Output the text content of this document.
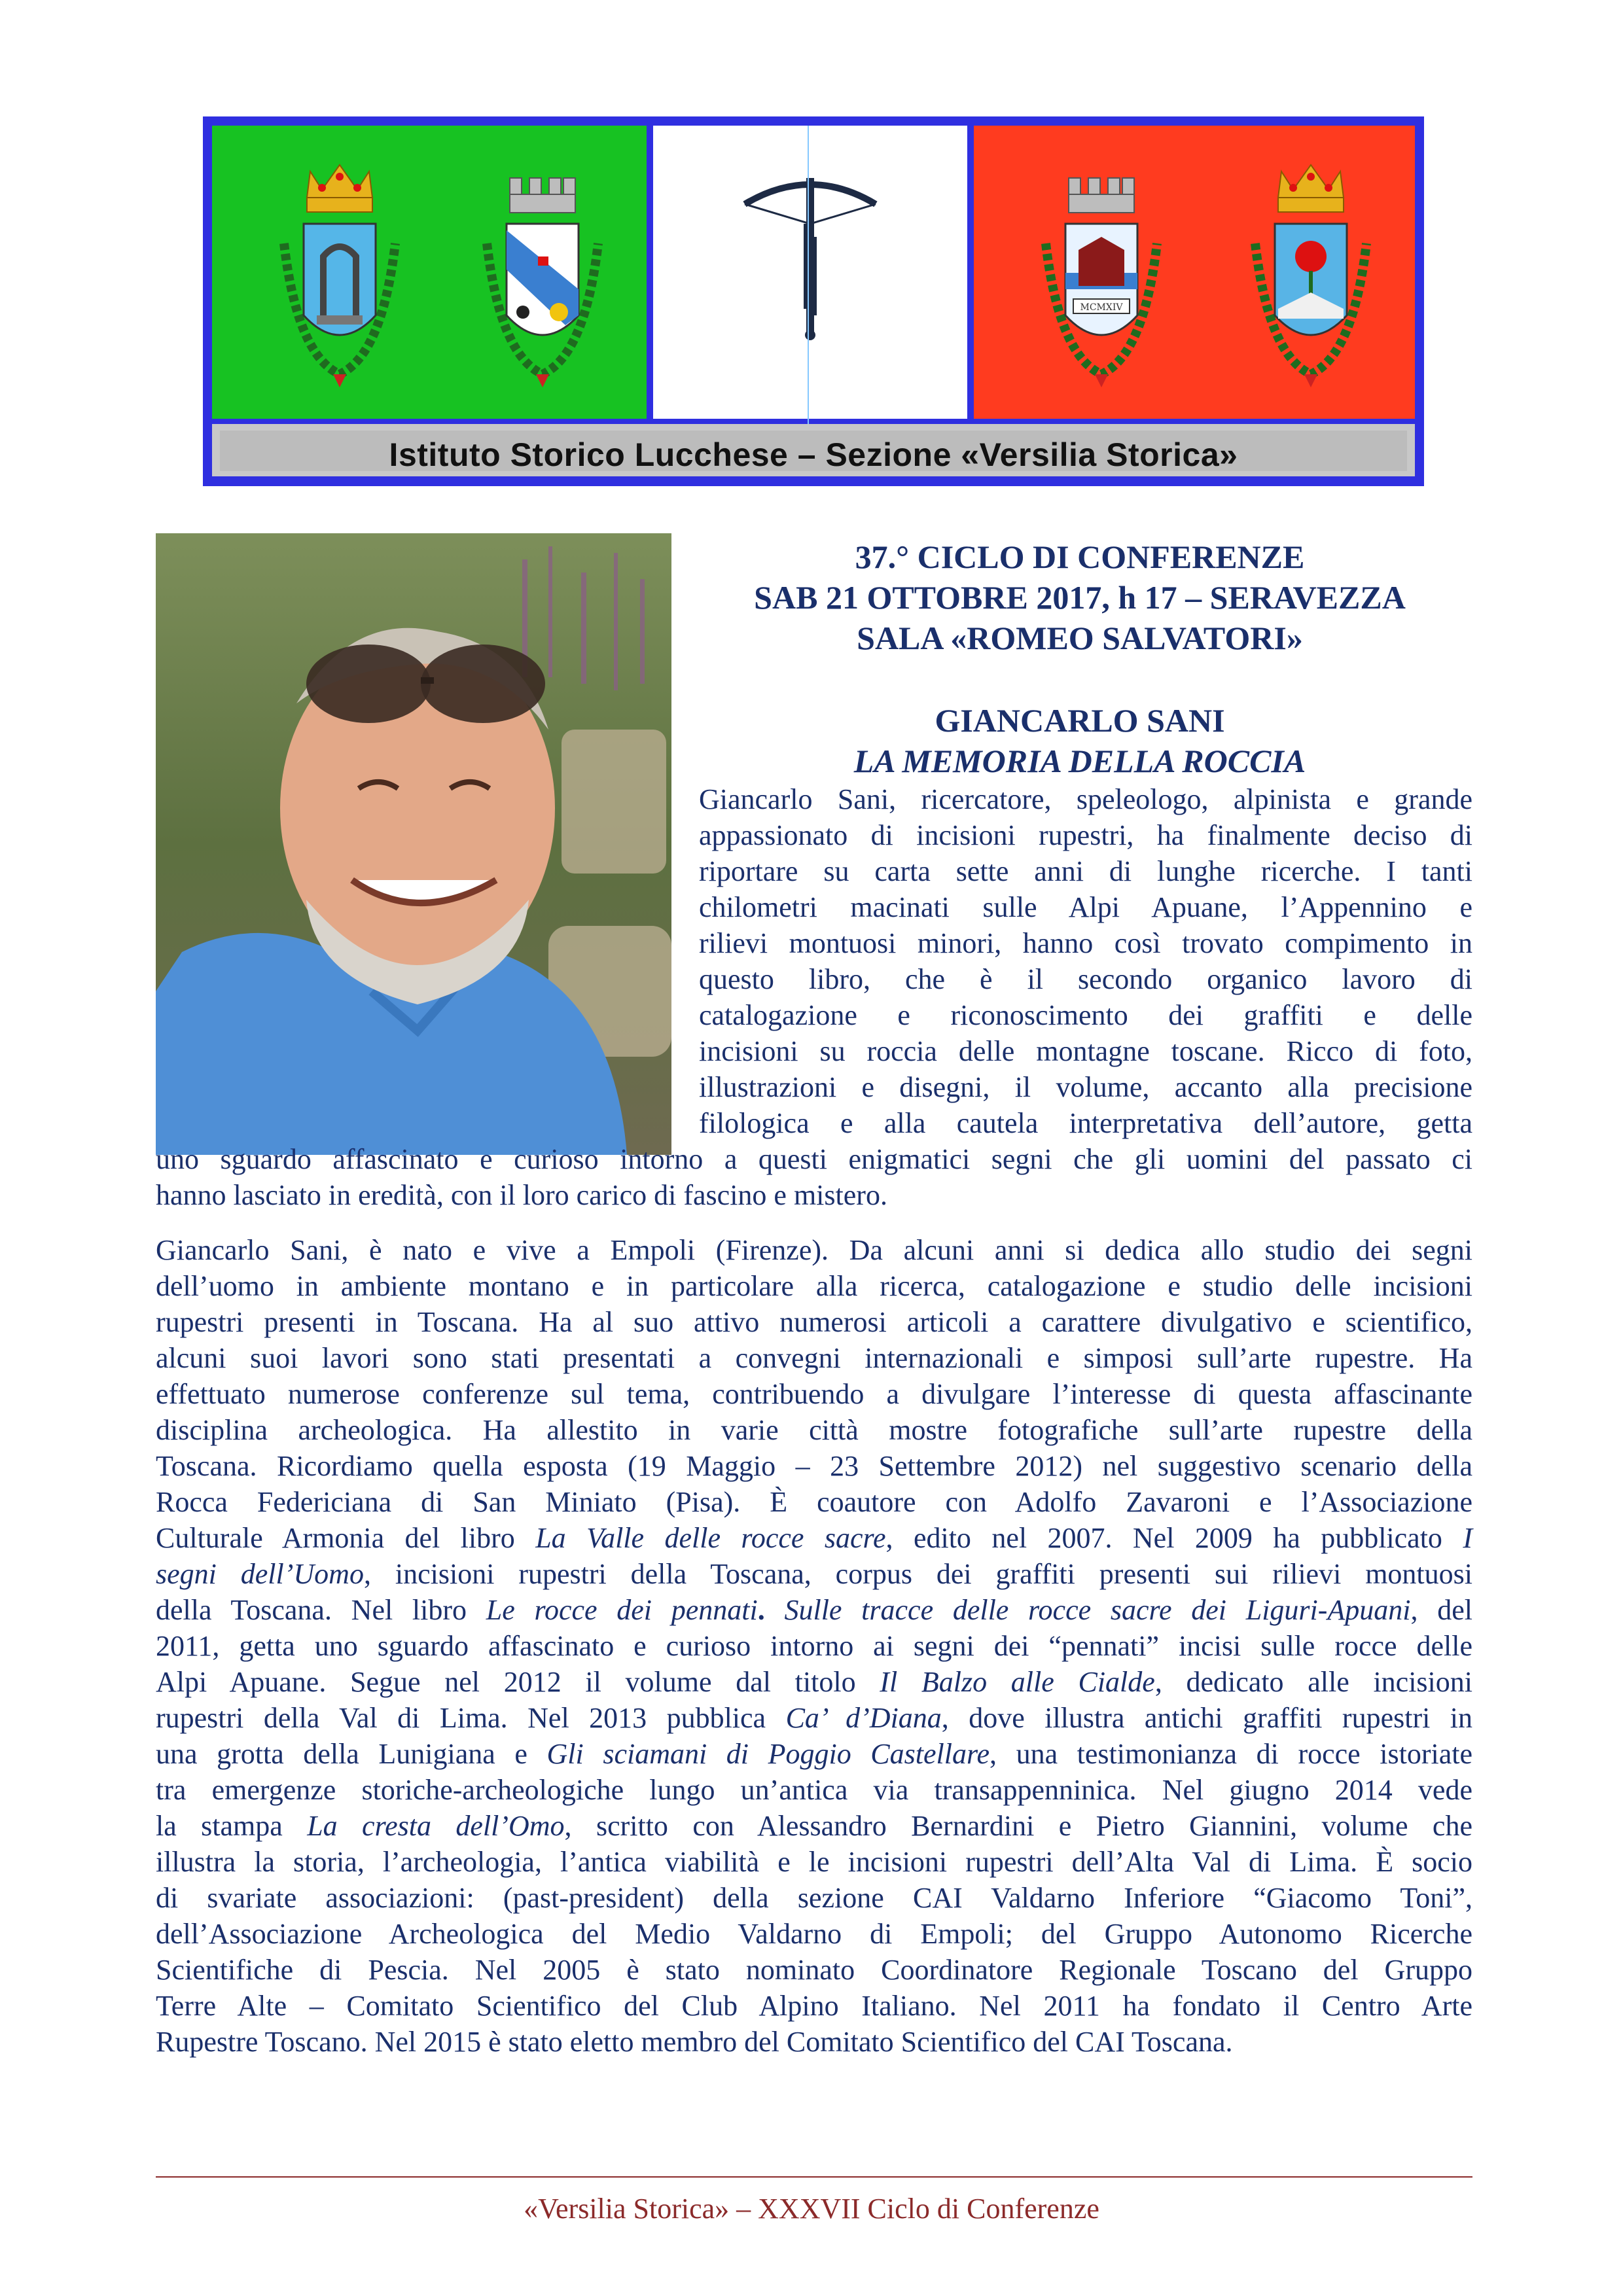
MCMXIV
Istituto Storico Lucchese – Sezione «Versilia Storica»
37.° CICLO DI CONFERENZE
SAB 21 OTTOBRE 2017, h 17 – SERAVEZZA
SALA «ROMEO SALVATORI»
GIANCARLO SANI
LA MEMORIA DELLA ROCCIA
Giancarlo Sani, ricercatore, speleologo, alpinista e grande
appassionato di incisioni rupestri, ha finalmente deciso di
riportare su carta sette anni di lunghe ricerche. I tanti
chilometri macinati sulle Alpi Apuane, l’Appennino e
rilievi montuosi minori, hanno così trovato compimento in
questo libro, che è il secondo organico lavoro di
catalogazione e riconoscimento dei graffiti e delle
incisioni su roccia delle montagne toscane. Ricco di foto,
illustrazioni e disegni, il volume, accanto alla precisione
filologica e alla cautela interpretativa dell’autore, getta
uno sguardo affascinato e curioso intorno a questi enigmatici segni che gli uomini del passato ci
hanno lasciato in eredità, con il loro carico di fascino e mistero.
Giancarlo Sani, è nato e vive a Empoli (Firenze). Da alcuni anni si dedica allo studio dei segni
dell’uomo in ambiente montano e in particolare alla ricerca, catalogazione e studio delle incisioni
rupestri presenti in Toscana. Ha al suo attivo numerosi articoli a carattere divulgativo e scientifico,
alcuni suoi lavori sono stati presentati a convegni internazionali e simposi sull’arte rupestre. Ha
effettuato numerose conferenze sul tema, contribuendo a divulgare l’interesse di questa affascinante
disciplina archeologica. Ha allestito in varie città mostre fotografiche sull’arte rupestre della
Toscana. Ricordiamo quella esposta (19 Maggio – 23 Settembre 2012) nel suggestivo scenario della
Rocca Federiciana di San Miniato (Pisa). È coautore con Adolfo Zavaroni e l’Associazione
Culturale Armonia del libro La Valle delle rocce sacre, edito nel 2007. Nel 2009 ha pubblicato I
segni dell’Uomo, incisioni rupestri della Toscana, corpus dei graffiti presenti sui rilievi montuosi
della Toscana. Nel libro Le rocce dei pennati. Sulle tracce delle rocce sacre dei Liguri-Apuani, del
2011, getta uno sguardo affascinato e curioso intorno ai segni dei “pennati” incisi sulle rocce delle
Alpi Apuane. Segue nel 2012 il volume dal titolo Il Balzo alle Cialde, dedicato alle incisioni
rupestri della Val di Lima. Nel 2013 pubblica Ca’ d’Diana, dove illustra antichi graffiti rupestri in
una grotta della Lunigiana e Gli sciamani di Poggio Castellare, una testimonianza di rocce istoriate
tra emergenze storiche-archeologiche lungo un’antica via transappenninica. Nel giugno 2014 vede
la stampa La cresta dell’Omo, scritto con Alessandro Bernardini e Pietro Giannini, volume che
illustra la storia, l’archeologia, l’antica viabilità e le incisioni rupestri dell’Alta Val di Lima. È socio
di svariate associazioni: (past-president) della sezione CAI Valdarno Inferiore “Giacomo Toni”,
dell’Associazione Archeologica del Medio Valdarno di Empoli; del Gruppo Autonomo Ricerche
Scientifiche di Pescia. Nel 2005 è stato nominato Coordinatore Regionale Toscano del Gruppo
Terre Alte – Comitato Scientifico del Club Alpino Italiano. Nel 2011 ha fondato il Centro Arte
Rupestre Toscano. Nel 2015 è stato eletto membro del Comitato Scientifico del CAI Toscana.
«Versilia Storica» – XXXVII Ciclo di Conferenze
